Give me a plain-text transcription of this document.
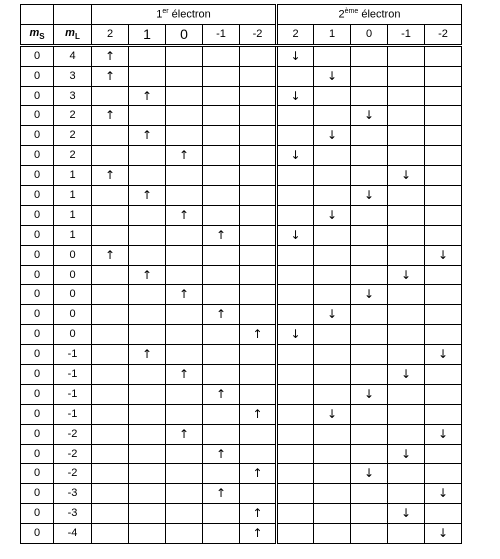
		1er électron					2ème électron				
$m_S$	$m_L$	2	1	0	-1	-2	2	1	0	-1	-2
0	4	↑					↓				
0	3	↑						↓			
0	3		↑				↓				
0	2	↑							↓		
0	2		↑					↓			
0	2			↑			↓				
0	1	↑								↓	
0	1		↑						↓		
0	1			↑				↓			
0	1				↑		↓				
0	0	↑									↓
0	0		↑							↓	
0	0			↑					↓		
0	0				↑			↓			
0	0					↑	↓				
0	-1		↑								↓
0	-1			↑						↓	
0	-1				↑				↓		
0	-1					↑		↓			
0	-2			↑							↓
0	-2				↑					↓	
0	-2					↑			↓		
0	-3				↑						↓
0	-3					↑				↓	
0	-4					↑					↓
